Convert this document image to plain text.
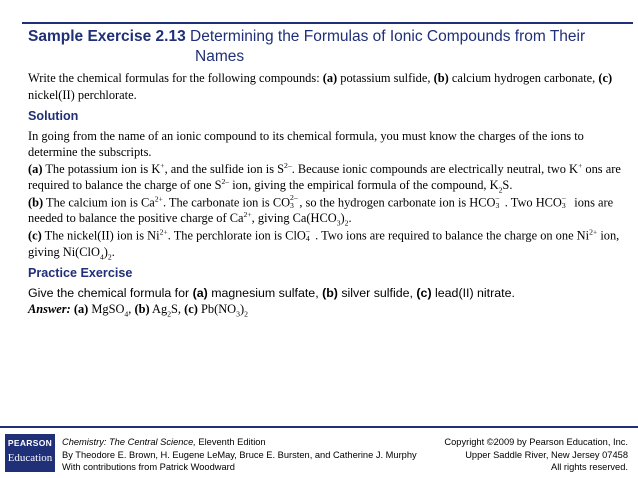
Sample Exercise 2.13 Determining the Formulas of Ionic Compounds from Their
Names

Write the chemical formulas for the following compounds: (a) potassium sulfide, (b) calcium hydrogen carbonate, (c) nickel(II) perchlorate.

Solution

In going from the name of an ionic compound to its chemical formula, you must know the charges of the ions to determine the subscripts.

(a) The potassium ion is K+, and the sulfide ion is $S^{2-}$. Because ionic compounds are electrically neutral, two K+ ons are required to balance the charge of one $S^{2-}$ ion, giving the empirical formula of the compound, $K_2S$.

(b) The calcium ion is $Ca^{2+}$. The carbonate ion is CO 2–
3 , so the hydrogen carbonate ion is HCO –
3 . Two HCO –
3 ions are needed to balance the positive charge of $Ca^{2+}$, giving $Ca(HCO_3)_2$.

(c) The nickel(II) ion is $Ni^{2+}$. The perchlorate ion is ClO –
4 . Two ions are required to balance the charge on one $Ni^{2+}$ ion, giving $Ni(ClO_4)_2$.

Practice Exercise

Give the chemical formula for (a) magnesium sulfate, (b) silver sulfide, (c) lead(II) nitrate.

Answer: (a) MgSO$_4$, (b) $Ag_2S$, (c) $Pb(NO_3)_2$

PEARSON
Education
Chemistry: The Central Science, Eleventh Edition
By Theodore E. Brown, H. Eugene LeMay, Bruce E. Bursten, and Catherine J. Murphy
With contributions from Patrick Woodward
Copyright ©2009 by Pearson Education, Inc.
Upper Saddle River, New Jersey 07458
All rights reserved.
